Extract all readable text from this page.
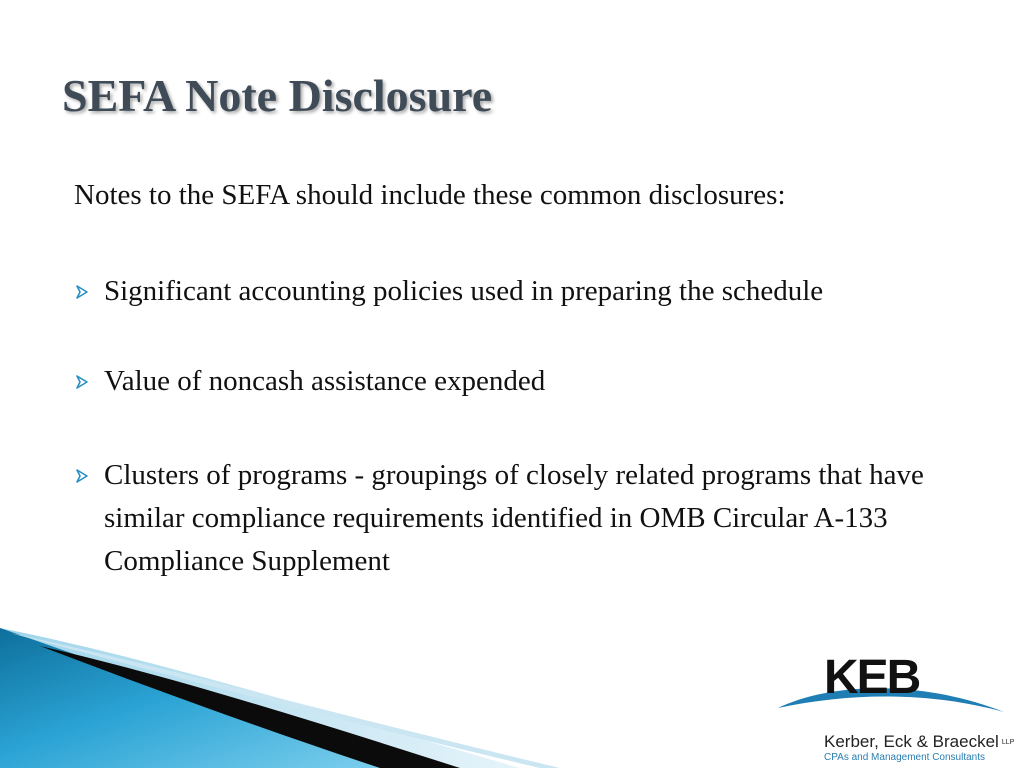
SEFA Note Disclosure

Notes to the SEFA should include these common disclosures:

Significant accounting policies used in preparing the schedule
Value of noncash assistance expended
Clusters of programs - groupings of closely related programs that have similar compliance requirements identified in OMB Circular A-133 Compliance Supplement
KEB
Kerber, Eck & Braeckel LLP
CPAs and Management Consultants
